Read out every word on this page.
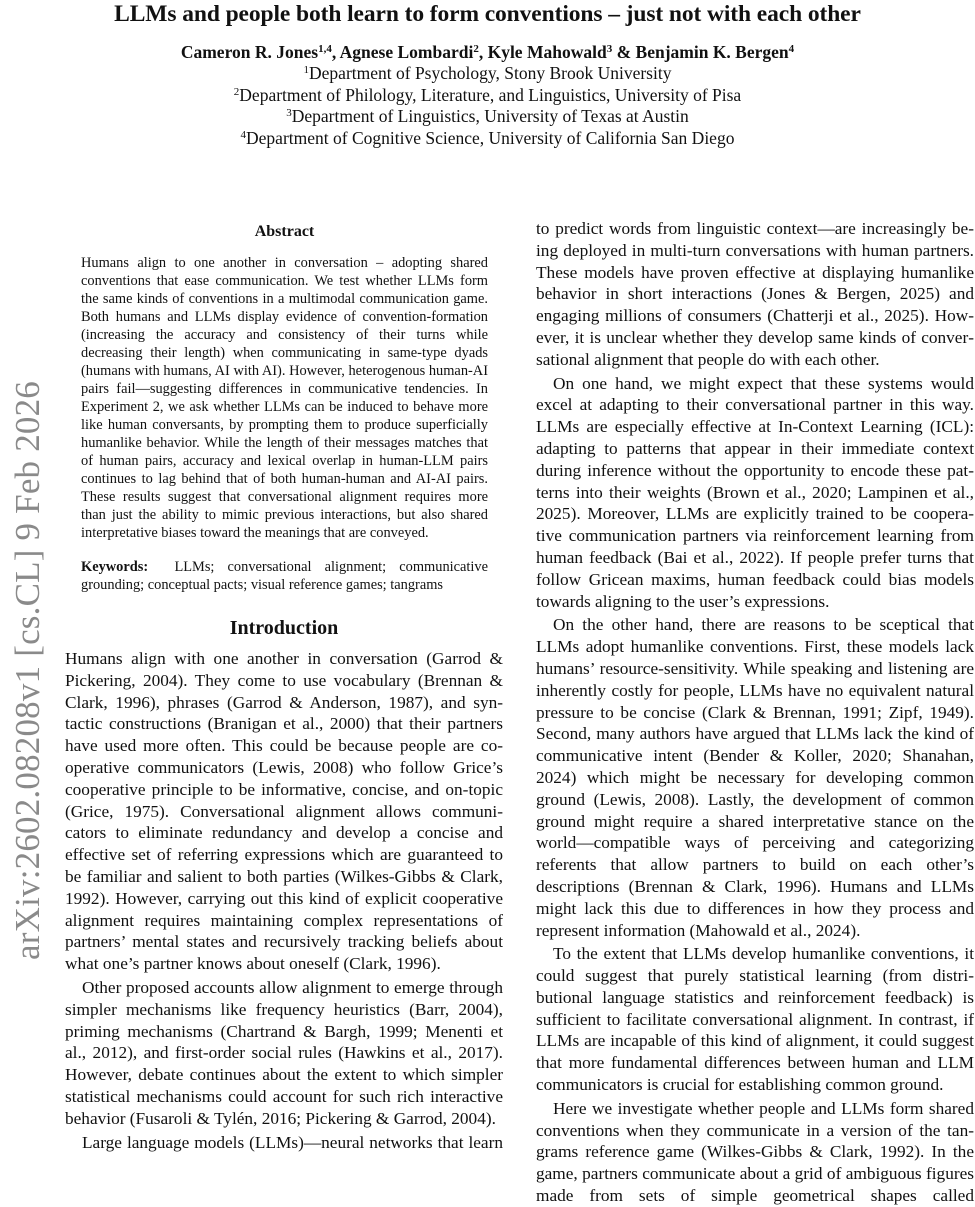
LLMs and people both learn to form conventions – just not with each other
Cameron R. Jones$^{1,4}$, Agnese Lombardi$^2$, Kyle Mahowald$^3$ & Benjamin K. Bergen$^4$
$^1$Department of Psychology, Stony Brook University
$^2$Department of Philology, Literature, and Linguistics, University of Pisa
$^3$Department of Linguistics, University of Texas at Austin
$^4$Department of Cognitive Science, University of California San Diego
arXiv:2602.08208v1 [cs.CL] 9 Feb 2026
Abstract

Humans align to one another in conversation – adopting shared conventions that ease communication. We test whether LLMs form the same kinds of conventions in a multimodal communication game. Both humans and LLMs display evidence of convention-formation (increasing the accuracy and consistency of their turns while decreasing their length) when communicating in same-type dyads (humans with humans, AI with AI). However, heterogenous human-AI pairs fail—suggesting differences in communicative tendencies. In Experiment 2, we ask whether LLMs can be induced to behave more like human conversants, by prompting them to produce superficially humanlike behavior. While the length of their messages matches that of human pairs, accuracy and lexical overlap in human-LLM pairs continues to lag behind that of both human-human and AI-AI pairs. These results suggest that conversational alignment requires more than just the ability to mimic previous interactions, but also shared interpretative biases toward the meanings that are conveyed.

Keywords: LLMs; conversational alignment; communicative grounding; conceptual pacts; visual reference games; tangrams

Introduction

Humans align with one another in conversation (Garrod & Pickering, 2004). They come to use vocabulary (Brennan & Clark, 1996), phrases (Garrod & Anderson, 1987), and syntactic constructions (Branigan et al., 2000) that their partners have used more often. This could be because people are cooperative communicators (Lewis, 2008) who follow Grice’s cooperative principle to be informative, concise, and on-topic (Grice, 1975). Conversational alignment allows communicators to eliminate redundancy and develop a concise and effective set of referring expressions which are guaranteed to be familiar and salient to both parties (Wilkes-Gibbs & Clark, 1992). However, carrying out this kind of explicit cooperative alignment requires maintaining complex representations of partners’ mental states and recursively tracking beliefs about what one’s partner knows about oneself (Clark, 1996).

Other proposed accounts allow alignment to emerge through simpler mechanisms like frequency heuristics (Barr, 2004), priming mechanisms (Chartrand & Bargh, 1999; Menenti et al., 2012), and first-order social rules (Hawkins et al., 2017). However, debate continues about the extent to which simpler statistical mechanisms could account for such rich interactive behavior (Fusaroli & Tylén, 2016; Pickering & Garrod, 2004).

Large language models (LLMs)—neural networks that learn

to predict words from linguistic context—are increasingly being deployed in multi-turn conversations with human partners. These models have proven effective at displaying humanlike behavior in short interactions (Jones & Bergen, 2025) and engaging millions of consumers (Chatterji et al., 2025). However, it is unclear whether they develop same kinds of conversational alignment that people do with each other.

On one hand, we might expect that these systems would excel at adapting to their conversational partner in this way. LLMs are especially effective at In-Context Learning (ICL): adapting to patterns that appear in their immediate context during inference without the opportunity to encode these patterns into their weights (Brown et al., 2020; Lampinen et al., 2025). Moreover, LLMs are explicitly trained to be cooperative communication partners via reinforcement learning from human feedback (Bai et al., 2022). If people prefer turns that follow Gricean maxims, human feedback could bias models towards aligning to the user’s expressions.

On the other hand, there are reasons to be sceptical that LLMs adopt humanlike conventions. First, these models lack humans’ resource-sensitivity. While speaking and listening are inherently costly for people, LLMs have no equivalent natural pressure to be concise (Clark & Brennan, 1991; Zipf, 1949). Second, many authors have argued that LLMs lack the kind of communicative intent (Bender & Koller, 2020; Shanahan, 2024) which might be necessary for developing common ground (Lewis, 2008). Lastly, the development of common ground might require a shared interpretative stance on the world—compatible ways of perceiving and categorizing referents that allow partners to build on each other’s descriptions (Brennan & Clark, 1996). Humans and LLMs might lack this due to differences in how they process and represent information (Mahowald et al., 2024).

To the extent that LLMs develop humanlike conventions, it could suggest that purely statistical learning (from distributional language statistics and reinforcement feedback) is sufficient to facilitate conversational alignment. In contrast, if LLMs are incapable of this kind of alignment, it could suggest that more fundamental differences between human and LLM communicators is crucial for establishing common ground.

Here we investigate whether people and LLMs form shared conventions when they communicate in a version of the tangrams reference game (Wilkes-Gibbs & Clark, 1992). In the game, partners communicate about a grid of ambiguous figures made from sets of simple geometrical shapes called
